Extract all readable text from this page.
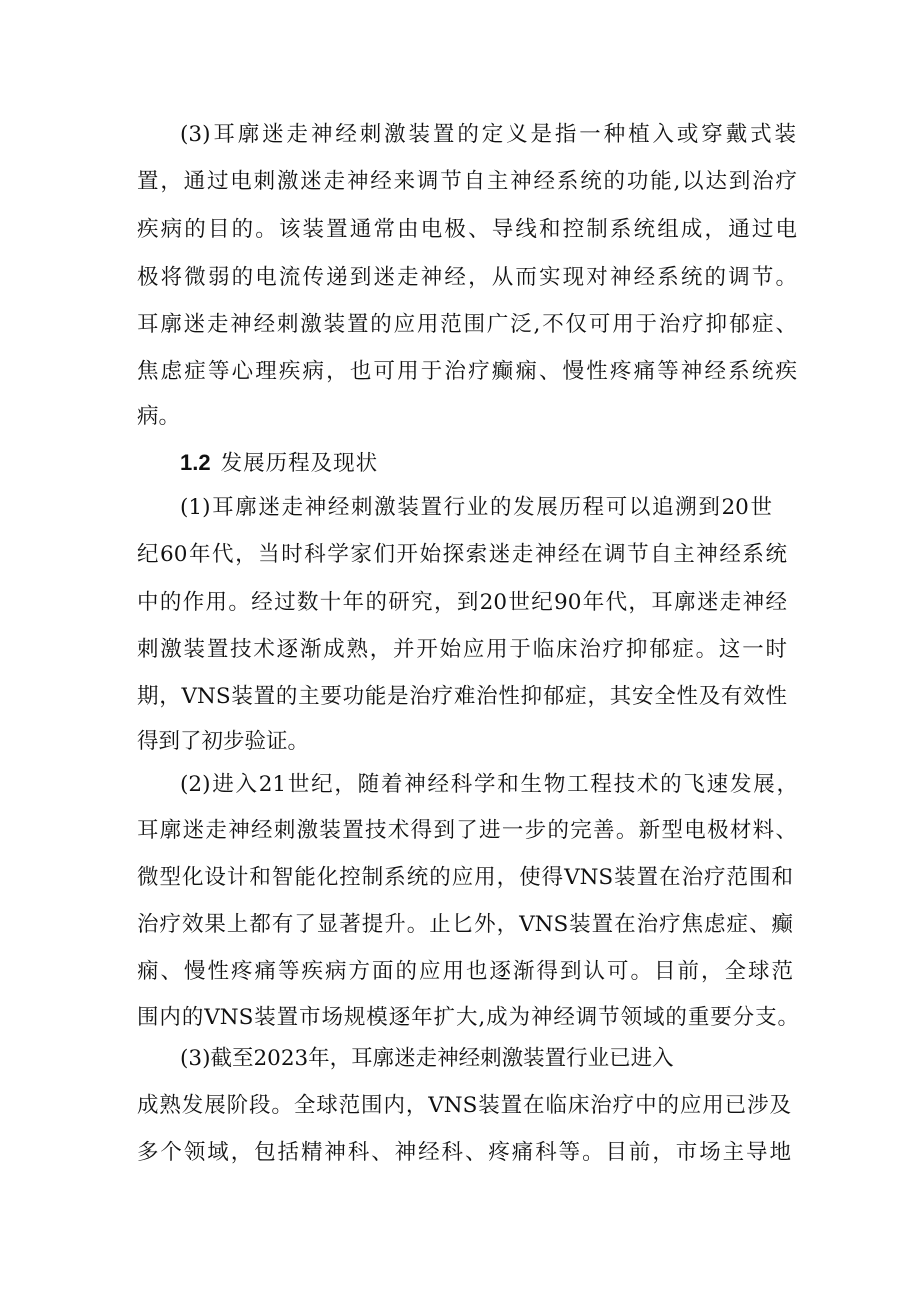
(3)耳廓迷走神经刺激装置的定义是指一种植入或穿戴式装
置，通过电刺激迷走神经来调节自主神经系统的功能,以达到治疗
疾病的目的。该装置通常由电极、导线和控制系统组成，通过电
极将微弱的电流传递到迷走神经，从而实现对神经系统的调节。
耳廓迷走神经刺激装置的应用范围广泛,不仅可用于治疗抑郁症、
焦虑症等心理疾病，也可用于治疗癫痫、慢性疼痛等神经系统疾
病。
1.2 发展历程及现状
(1)耳廓迷走神经刺激装置行业的发展历程可以追溯到20世
纪60年代，当时科学家们开始探索迷走神经在调节自主神经系统
中的作用。经过数十年的研究，到20世纪90年代，耳廓迷走神经
刺激装置技术逐渐成熟，并开始应用于临床治疗抑郁症。这一时
期，VNS装置的主要功能是治疗难治性抑郁症，其安全性及有效性
得到了初步验证。
(2)进入21世纪，随着神经科学和生物工程技术的飞速发展，
耳廓迷走神经刺激装置技术得到了进一步的完善。新型电极材料、
微型化设计和智能化控制系统的应用，使得VNS装置在治疗范围和
治疗效果上都有了显著提升。止匕外，VNS装置在治疗焦虑症、癫
痫、慢性疼痛等疾病方面的应用也逐渐得到认可。目前，全球范
围内的VNS装置市场规模逐年扩大,成为神经调节领域的重要分支。
(3)截至2023年，耳廓迷走神经刺激装置行业已进入
成熟发展阶段。全球范围内，VNS装置在临床治疗中的应用已涉及
多个领域，包括精神科、神经科、疼痛科等。目前，市场主导地
